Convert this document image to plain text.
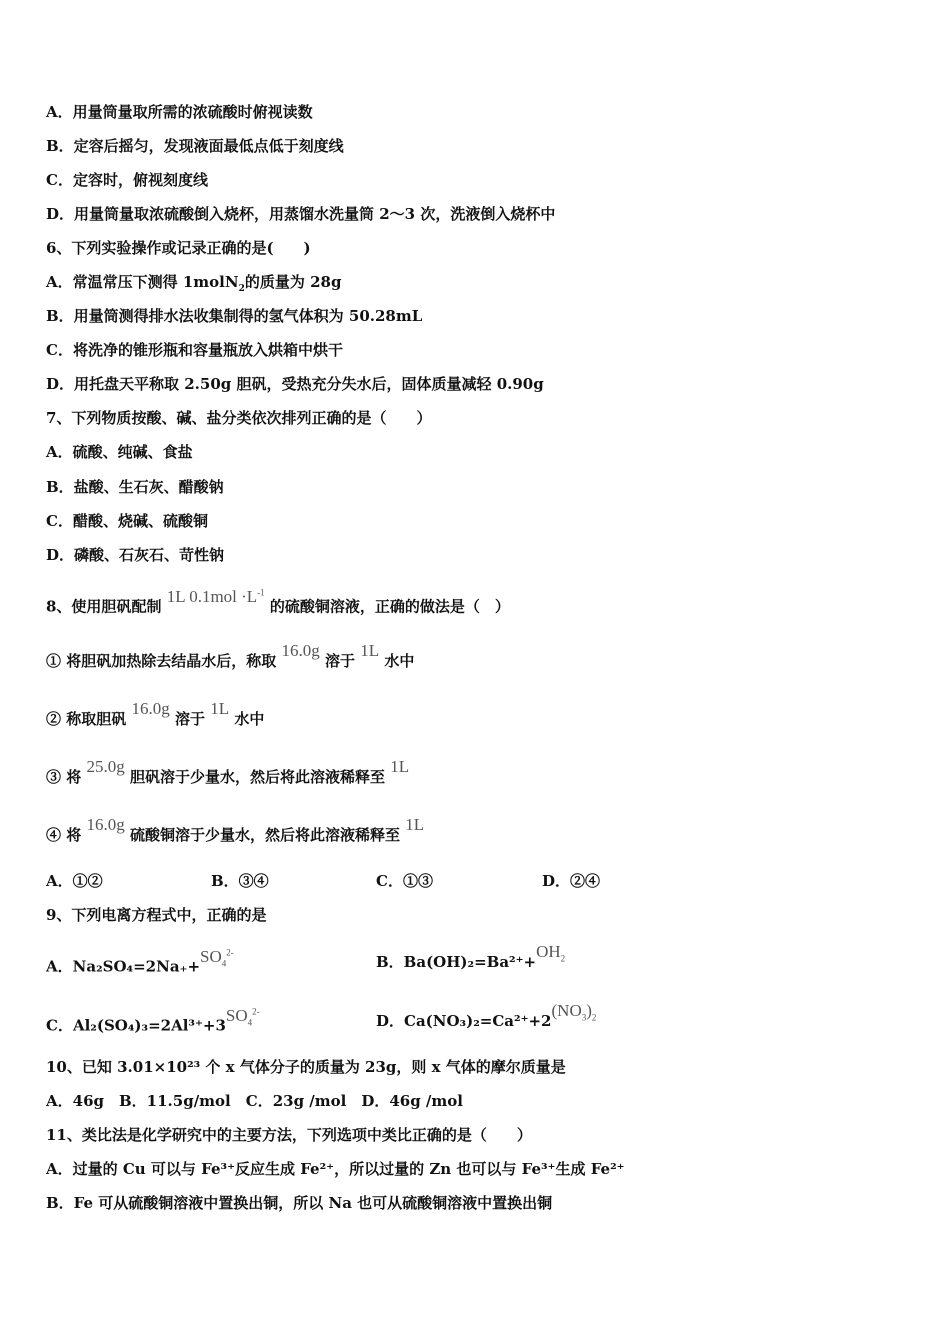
A．用量筒量取所需的浓硫酸时俯视读数
B．定容后摇匀，发现液面最低点低于刻度线
C．定容时，俯视刻度线
D．用量筒量取浓硫酸倒入烧杯，用蒸馏水洗量筒 2～3 次，洗液倒入烧杯中
6、下列实验操作或记录正确的是(　　)
A．常温常压下测得 1molN$_2$的质量为 28g
B．用量筒测得排水法收集制得的氢气体积为 50.28mL
C．将洗净的锥形瓶和容量瓶放入烘箱中烘干
D．用托盘天平称取 2.50g 胆矾，受热充分失水后，固体质量减轻 0.90g
7、下列物质按酸、碱、盐分类依次排列正确的是（　　）
A．硫酸、纯碱、食盐
B．盐酸、生石灰、醋酸钠
C．醋酸、烧碱、硫酸铜
D．磷酸、石灰石、苛性钠
8、使用胆矾配制 1L $0.1mol \cdot L^{-1}$ 的硫酸铜溶液，正确的做法是（　）
① 将胆矾加热除去结晶水后，称取 16.0g 溶于 1L 水中
② 称取胆矾 16.0g 溶于 1L 水中
③ 将 25.0g 胆矾溶于少量水，然后将此溶液稀释至 1L
④ 将 16.0g 硫酸铜溶于少量水，然后将此溶液稀释至 1L
A．①②	B．③④	C．①③	D．②④
9、下列电离方程式中，正确的是
A．$Na_2SO_4=2Na_++SO_4^{2-}$
B．$Ba(OH)_2=Ba^{2+}+OH_2$
C．$Al_2(SO_4)_3=2Al^{3+}+3SO_4^{2-}$
D．$Ca(NO_3)_2=Ca^{2+}+2(NO_3)_2$
10、已知 3.01×10²³ 个 x 气体分子的质量为 23g，则 x 气体的摩尔质量是
A．46g　B．11.5g/mol　C．23g /mol　D．46g /mol
11、类比法是化学研究中的主要方法，下列选项中类比正确的是（　　）
A．过量的 Cu 可以与 Fe³⁺反应生成 Fe²⁺，所以过量的 Zn 也可以与 Fe³⁺生成 Fe²⁺
B．Fe 可从硫酸铜溶液中置换出铜，所以 Na 也可从硫酸铜溶液中置换出铜
